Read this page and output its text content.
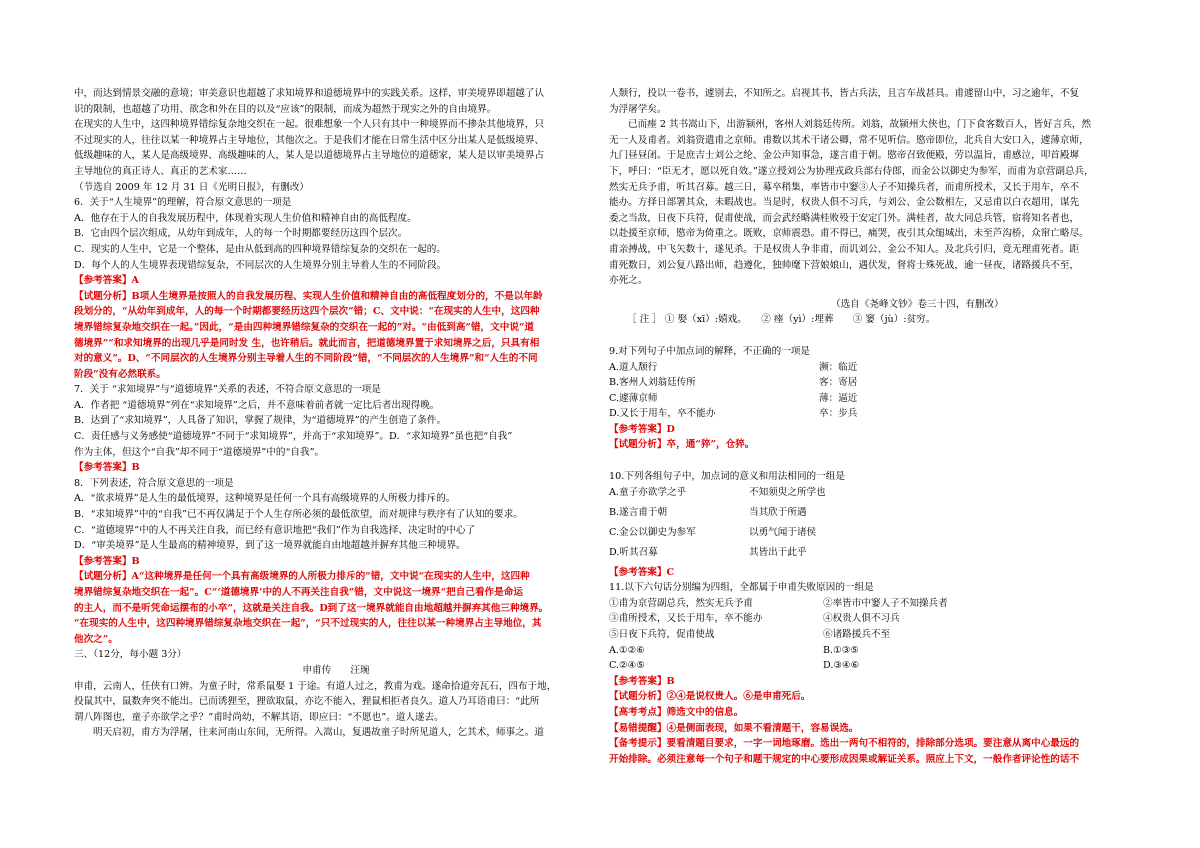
中，而达到情景交融的意境；审美意识也超越了求知境界和道德境界中的实践关系。这样，审美境界即超越了认
识的限制，也超越了功用、欲念和外在目的以及“应该”的限制，而成为超然于现实之外的自由境界。
在现实的人生中，这四种境界错综复杂地交织在一起。很难想象一个人只有其中一种境界而不掺杂其他境界，只
不过现实的人，往往以某一种境界占主导地位，其他次之。于是我们才能在日常生活中区分出某人是低级境界、
低级趣味的人，某人是高级境界、高级趣味的人，某人是以道德境界占主导地位的道德家，某人是以审美境界占
主导地位的真正诗人、真正的艺术家……
（节选自 2009 年 12 月 31 日《光明日报》，有删改）
6．关于“人生境界”的理解，符合原文意思的一项是
A．他存在于人的自我发展历程中，体现着实现人生价值和精神自由的高低程度。
B．它由四个层次组成，从幼年到成年，人的每一个时期都要经历这四个层次。
C．现实的人生中，它是一个整体，是由从低到高的四种境界错综复杂的交织在一起的。
D．每个人的人生境界表现错综复杂，不同层次的人生境界分别主导着人生的不同阶段。
【参考答案】A
【试题分析】B项人生境界是按照人的自我发展历程、实现人生价值和精神自由的高低程度划分的，不是以年龄
段划分的，“从幼年到成年，人的每一个时期都要经历这四个层次”错；C、文中说：“在现实的人生中，这四种
境界错综复杂地交织在一起。”因此，“是由四种境界错综复杂的交织在一起的”对。“由低到高”错，文中说“道
德境界”“和求知境界的出现几乎是同时发 生，也许稍后。就此而言，把道德境界置于求知境界之后，只具有相
对的意义”。D、“不同层次的人生境界分别主导着人生的不同阶段”错，“不同层次的人生境界”和“人生的不同
阶段”没有必然联系。
7．关于 “求知境界”与“道德境界”关系的表述，不符合原文意思的一项是
A．作者把 “道德境界”列在“求知境界”之后，并不意味着前者就一定比后者出现得晚。
B．达到了“求知境界”，人具备了知识，掌握了规律，为“道德境界”的产生创造了条件。
C．责任感与义务感使“道德境界”不同于“求知境界”，并高于“求知境界”。D．“求知境界”虽也把“自我”
作为主体，但这个“自我”却不同于“道德境界”中的“自我”。
【参考答案】B
8．下列表述，符合原文意思的一项是
A．“欲求境界”是人生的最低境界，这种境界是任何一个具有高级境界的人所极力排斥的。
B．“求知境界”中的“自我”已不再仅满足于个人生存所必须的最低欲望，而对规律与秩序有了认知的要求。
C．“道德境界”中的人不再关注自我，而已经有意识地把“我们”作为自我选择、决定时的中心了
D．“审美境界”是人生最高的精神境界，到了这一境界就能自由地超越并摒弃其他三种境界。
【参考答案】B
【试题分析】A“这种境界是任何一个具有高级境界的人所极力排斥的”错，文中说“在现实的人生中，这四种
境界错综复杂地交织在一起”。C“‘道德境界’中的人不再关注自我”错，文中说这一境界“把自己看作是命运
的主人，而不是听凭命运摆布的小卒”，这就是关注自我。D到了这一境界就能自由地超越并摒弃其他三种境界。
“在现实的人生中，这四种境界错综复杂地交织在一起”，“只不过现实的人，往往以某一种境界占主导地位，其
他次之”。
三、（12分，每小题 3分）
申甫传　　汪琬
申甫，云南人，任侠有口辨。为童子时，常系鼠娶 1 于途。有道人过之，教甫为戏。遂命拾道旁瓦石，四布于地，
投鼠其中，鼠数奔突不能出。已而诱狸至，狸欲取鼠，亦讫不能入，狸鼠相拒者良久。道人乃耳语甫曰：“此所
谓八阵图也，童子亦欲学之乎？”甫时尚幼，不解其语，即应曰：“不愿也”。道人遂去。
明天启初，甫方为浮屠，往来河南山东间，无所得。入嵩山，复遇故童子时所见道人，乞其术，师事之。道
人颓行，投以一卷书，遽别去，不知所之。启视其书，皆古兵法，且言车战甚具。甫遽留山中，习之逾年，不复
为浮屠学矣。
已而瘗 2 其书嵩山下，出游颍州，客州人刘翁廷传所。刘翁，故颍州大侠也，门下食客数百人，皆好言兵，然
无一人及甫者。刘翁资遣甫之京师。甫数以其术干诸公卿，常不见听信。愍帝即位，北兵自大安口入，遽薄京师，
九门昼昼闭。于是庶吉士刘公之纶、金公声知事急，遂言甫于朝。愍帝召致便殿，劳以温旨，甫感泣，叩首殿墀
下，呼曰：“臣无才，愿以死自效。”遂立授刘公为协理戎政兵部右侍郎，而金公以御史为参军，而甫为京营副总兵，
然实无兵予甫，听其召募。越三日，募卒稍集，率皆市中窭③人子不知操兵者，而甫所授术，又长于用车，卒不
能办。方择日部署其众，未暇战也。当是时，权贵人俱不习兵，与刘公、金公数相左，又忌甫以白衣超用，谋先
委之当敌，日夜下兵符，促甫使战，而会武经略满桂败殁于安定门外。满桂者，故大同总兵管，宿将知名者也，
以赴援至京师，愍帝为倚重之。既败，京师震恐。甫不得已，痛哭，夜引其众缒城出，未至芦沟桥，众窜亡略尽。
甫亲搏战，中飞矢数十，遂见杀。于是权贵人争非甫，而讥刘公、金公不知人。及北兵引归，竟无理甫死者。距
甫死数日，刘公复八路出师，趋遵化，独帅麾下营娘娘山，遇伏发，督将士殊死战，逾一昼夜，诸路援兵不至，
亦死之。
（选自《尧峰文钞》卷三十四，有删改）
［ 注 ］ ① 娶（xī）:嬉戏。　　② 瘗（yì）:埋葬　　③ 窭（jù）:贫穷。
9.对下列句子中加点词的解释，不正确的一项是
A.道人颓行	濒：临近
B.客州人刘翁廷传所	客：寄居
C.遽薄京师	薄：逼近
D.又长于用车，卒不能办	卒：步兵
【参考答案】D
【试题分析】卒，通“猝”，仓猝。
10.下列各组句子中，加点词的意义和用法相同的一组是
A.童子亦欲学之乎	不知须臾之所学也
B.遂言甫于朝	当其欣于所遇
C.金公以御史为参军	以勇气闻于诸侯
D.听其召募	其皆出于此乎
【参考答案】C
11.以下六句话分别编为四组，全都属于申甫失败原因的一组是
①甫为京营副总兵，然实无兵予甫	②率皆市中窭人子不知操兵者
③甫所授术，又长于用车，卒不能办	④权贵人俱不习兵
⑤日夜下兵符，促甫使战	⑥诸路援兵不至
A.①②⑥	B.①③⑤
C.②④⑤	D.③④⑥
【参考答案】B
【试题分析】②④是说权贵人。⑥是申甫死后。
【高考考点】筛选文中的信息。
【易错提醒】④是侧面表现，如果不看清题干，容易误选。
【备考提示】要看清题目要求，一字一词地琢磨。选出一两句不相符的，排除部分选项。要注意从离中心最远的
开始排除。必须注意每一个句子和题干规定的中心要形成因果或解证关系。照应上下文，一般作者评论性的话不
